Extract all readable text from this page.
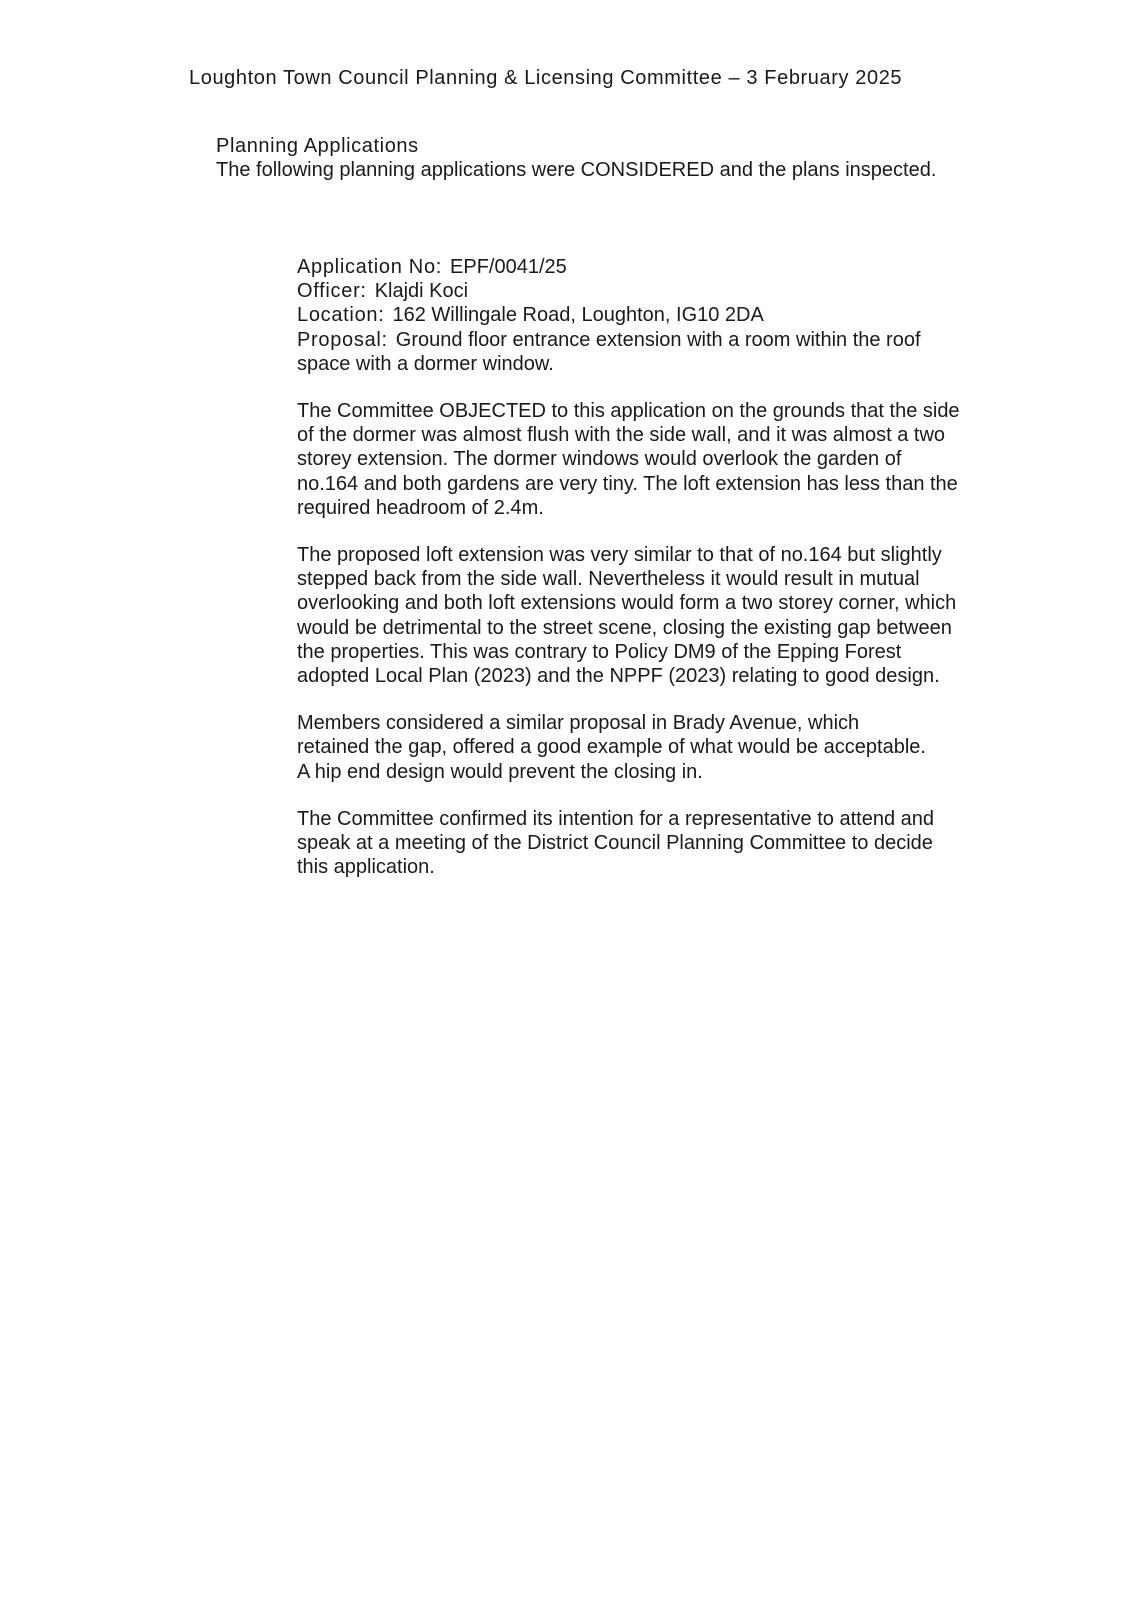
Loughton Town Council Planning & Licensing Committee – 3 February 2025
Planning Applications
The following planning applications were CONSIDERED and the plans inspected.
Application No: EPF/0041/25
Officer: Klajdi Koci
Location: 162 Willingale Road, Loughton, IG10 2DA
Proposal: Ground floor entrance extension with a room within the roof
space with a dormer window.
The Committee OBJECTED to this application on the grounds that the side
of the dormer was almost flush with the side wall, and it was almost a two
storey extension. The dormer windows would overlook the garden of
no.164 and both gardens are very tiny. The loft extension has less than the
required headroom of 2.4m.
The proposed loft extension was very similar to that of no.164 but slightly
stepped back from the side wall. Nevertheless it would result in mutual
overlooking and both loft extensions would form a two storey corner, which
would be detrimental to the street scene, closing the existing gap between
the properties. This was contrary to Policy DM9 of the Epping Forest
adopted Local Plan (2023) and the NPPF (2023) relating to good design.
Members considered a similar proposal in Brady Avenue, which
retained the gap, offered a good example of what would be acceptable.
A hip end design would prevent the closing in.
The Committee confirmed its intention for a representative to attend and
speak at a meeting of the District Council Planning Committee to decide
this application.
